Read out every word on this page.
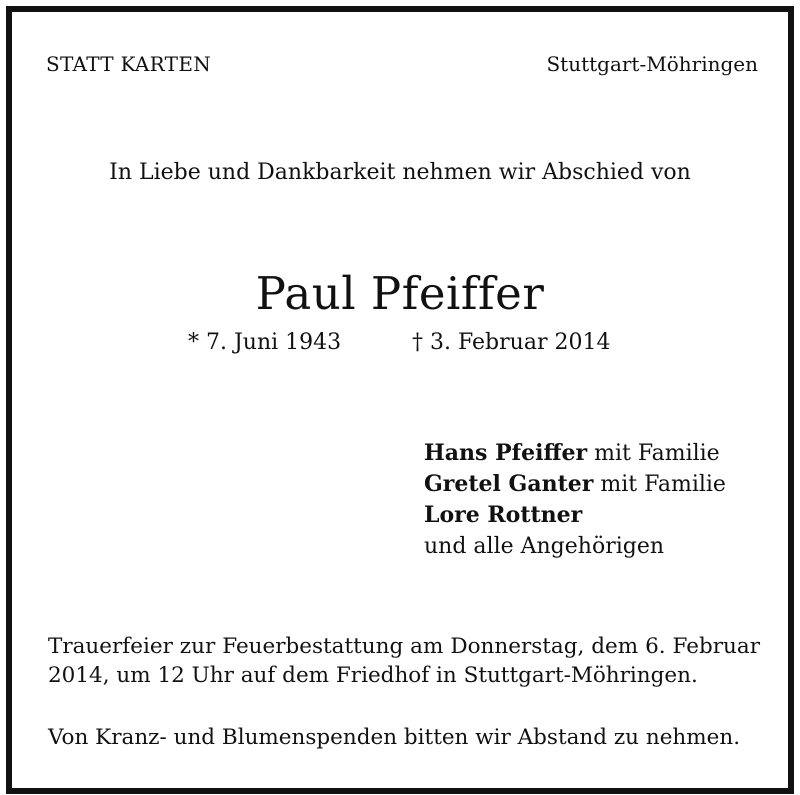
STATT KARTEN	Stuttgart-Möhringen
In Liebe und Dankbarkeit nehmen wir Abschied von
Paul Pfeiffer
* 7. Juni 1943	† 3. Februar 2014
Hans Pfeiffer mit Familie
Gretel Ganter mit Familie
Lore Rottner
und alle Angehörigen
Trauerfeier zur Feuerbestattung am Donnerstag, dem 6. Februar 2014, um 12 Uhr auf dem Friedhof in Stuttgart-Möhringen.
Von Kranz- und Blumenspenden bitten wir Abstand zu nehmen.
